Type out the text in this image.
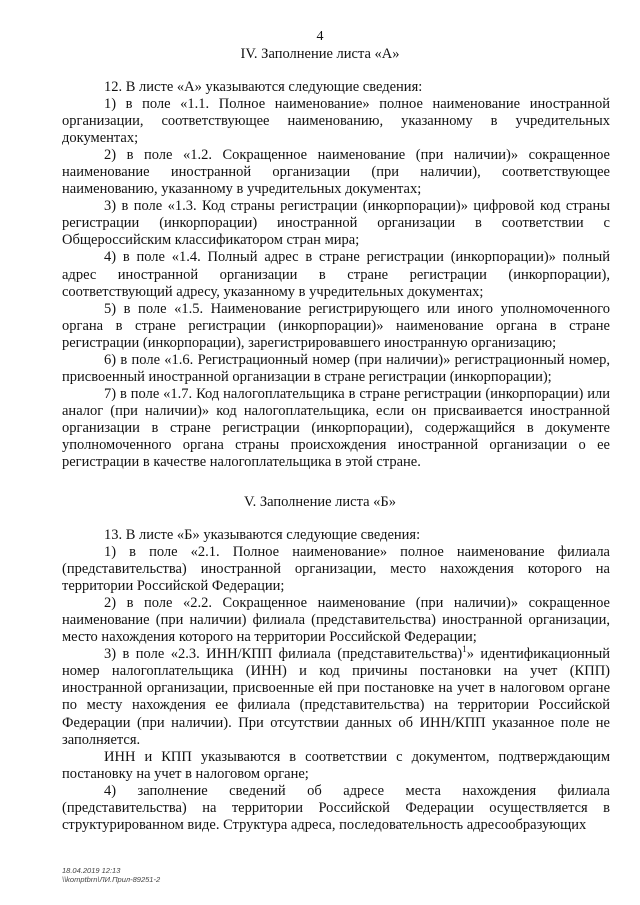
4
IV. Заполнение листа «А»

12. В листе «А» указываются следующие сведения:

1) в поле «1.1. Полное наименование» полное наименование иностранной организации, соответствующее наименованию, указанному в учредительных документах;

2) в поле «1.2. Сокращенное наименование (при наличии)» сокращенное наименование иностранной организации (при наличии), соответствующее наименованию, указанному в учредительных документах;

3) в поле «1.3. Код страны регистрации (инкорпорации)» цифровой код страны регистрации (инкорпорации) иностранной организации в соответствии с Общероссийским классификатором стран мира;

4) в поле «1.4. Полный адрес в стране регистрации (инкорпорации)» полный адрес иностранной организации в стране регистрации (инкорпорации), соответствующий адресу, указанному в учредительных документах;

5) в поле «1.5. Наименование регистрирующего или иного уполномоченного органа в стране регистрации (инкорпорации)» наименование органа в стране регистрации (инкорпорации), зарегистрировавшего иностранную организацию;

6) в поле «1.6. Регистрационный номер (при наличии)» регистрационный номер, присвоенный иностранной организации в стране регистрации (инкорпорации);

7) в поле «1.7. Код налогоплательщика в стране регистрации (инкорпорации) или аналог (при наличии)» код налогоплательщика, если он присваивается иностранной организации в стране регистрации (инкорпорации), содержащийся в документе уполномоченного органа страны происхождения иностранной организации о ее регистрации в качестве налогоплательщика в этой стране.

V. Заполнение листа «Б»

13. В листе «Б» указываются следующие сведения:

1) в поле «2.1. Полное наименование» полное наименование филиала (представительства) иностранной организации, место нахождения которого на территории Российской Федерации;

2) в поле «2.2. Сокращенное наименование (при наличии)» сокращенное наименование (при наличии) филиала (представительства) иностранной организации, место нахождения которого на территории Российской Федерации;

3) в поле «2.3. ИНН/КПП филиала (представительства)$^1$» идентификационный номер налогоплательщика (ИНН) и код причины постановки на учет (КПП) иностранной организации, присвоенные ей при постановке на учет в налоговом органе по месту нахождения ее филиала (представительства) на территории Российской Федерации (при наличии). При отсутствии данных об ИНН/КПП указанное поле не заполняется.

ИНН и КПП указываются в соответствии с документом, подтверждающим постановку на учет в налоговом органе;

4) заполнение сведений об адресе места нахождения филиала (представительства) на территории Российской Федерации осуществляется в структурированном виде. Структура адреса, последовательность адресообразующих

18.04.2019 12:13
\\komptbrn\ЛИ.Прил-89251-2
